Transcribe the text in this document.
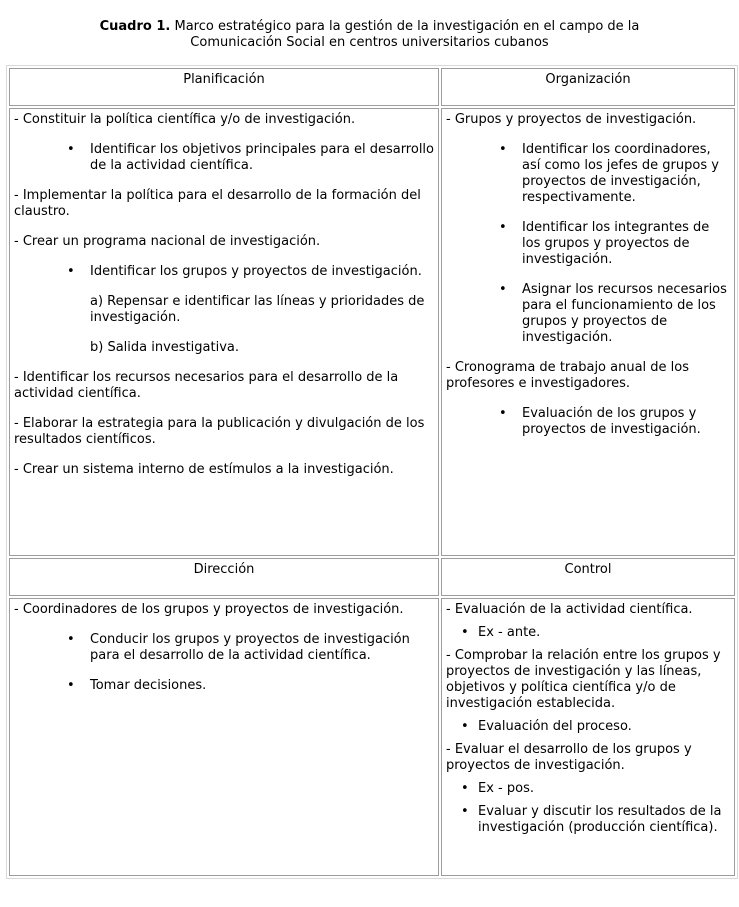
Cuadro 1. Marco estratégico para la gestión de la investigación en el campo de la Comunicación Social en centros universitarios cubanos

Planificación	Organización

- Constituir la política científica y/o de investigación.
• Identificar los objetivos principales para el desarrollo de la actividad científica.
- Implementar la política para el desarrollo de la formación del claustro.
- Crear un programa nacional de investigación.
• Identificar los grupos y proyectos de investigación.
a) Repensar e identificar las líneas y prioridades de investigación.
b) Salida investigativa.
- Identificar los recursos necesarios para el desarrollo de la actividad científica.
- Elaborar la estrategia para la publicación y divulgación de los resultados científicos.
- Crear un sistema interno de estímulos a la investigación.

- Grupos y proyectos de investigación.
• Identificar los coordinadores, así como los jefes de grupos y proyectos de investigación, respectivamente.
• Identificar los integrantes de los grupos y proyectos de investigación.
• Asignar los recursos necesarios para el funcionamiento de los grupos y proyectos de investigación.
- Cronograma de trabajo anual de los profesores e investigadores.
• Evaluación de los grupos y proyectos de investigación.

Dirección	Control

- Coordinadores de los grupos y proyectos de investigación.
• Conducir los grupos y proyectos de investigación para el desarrollo de la actividad científica.
• Tomar decisiones.

- Evaluación de la actividad científica.
• Ex - ante.
- Comprobar la relación entre los grupos y proyectos de investigación y las líneas, objetivos y política científica y/o de investigación establecida.
• Evaluación del proceso.
- Evaluar el desarrollo de los grupos y proyectos de investigación.
• Ex - pos.
• Evaluar y discutir los resultados de la investigación (producción científica).
